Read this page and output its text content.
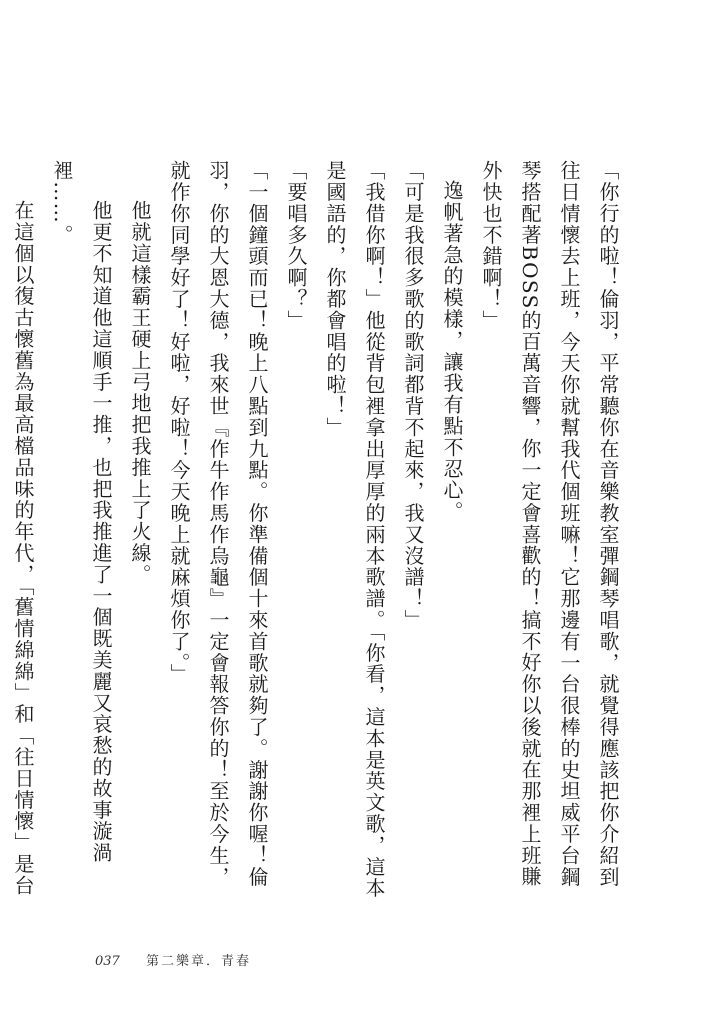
「你行的啦！倫羽，平常聽你在音樂教室彈鋼琴唱歌，就覺得應該把你介紹到往日情懷去上班，今天你就幫我代個班嘛！它那邊有一台很棒的史坦威平台鋼琴搭配著BOSS的百萬音響，你一定會喜歡的！搞不好你以後就在那裡上班賺外快也不錯啊！」

逸帆著急的模樣，讓我有點不忍心。

「可是我很多歌的歌詞都背不起來，我又沒譜！」

「我借你啊！」他從背包裡拿出厚厚的兩本歌譜。「你看，這本是英文歌，這本是國語的，你都會唱的啦！」

「要唱多久啊？」

「一個鐘頭而已！晚上八點到九點。你準備個十來首歌就夠了。謝謝你喔！倫羽，你的大恩大德，我來世『作牛作馬作烏龜』一定會報答你的！至於今生，就作你同學好了！好啦，好啦！今天晚上就麻煩你了。」

他就這樣霸王硬上弓地把我推上了火線。

他更不知道他這順手一推，也把我推進了一個既美麗又哀愁的故事漩渦裡……。

在這個以復古懷舊為最高檔品味的年代，「舊情綿綿」和「往日情懷」是台

037 第二樂章．青春
